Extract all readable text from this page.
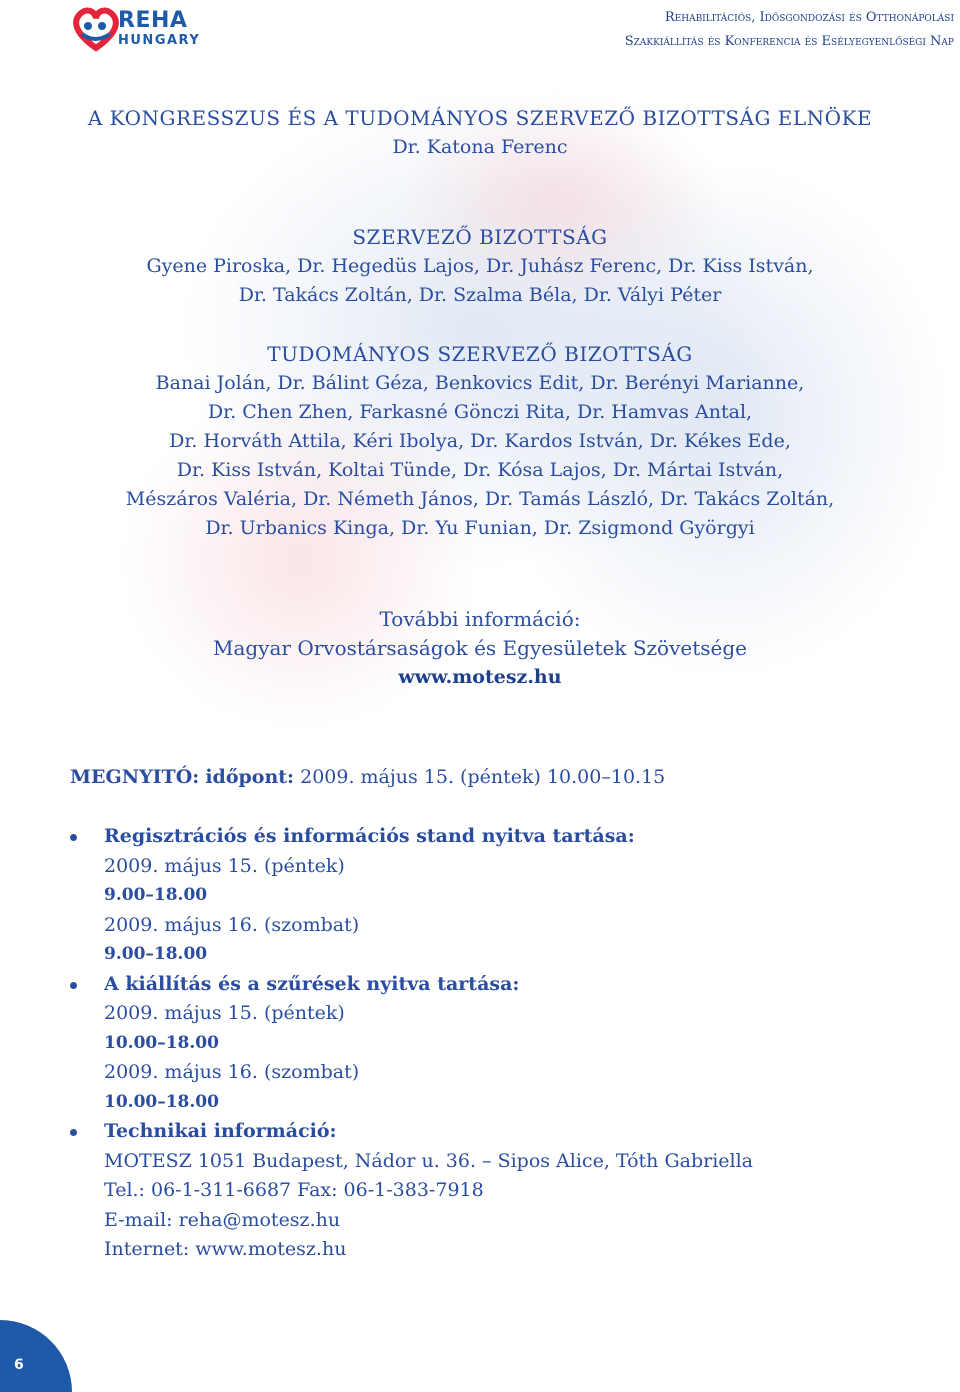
REHA
HUNGARY
Rehabilitációs, Idősgondozási és Otthonápolási
Szakkiállítás és Konferencia és Esélyegyenlőségi Nap
A KONGRESSZUS ÉS A TUDOMÁNYOS SZERVEZŐ BIZOTTSÁG ELNÖKE
Dr. Katona Ferenc
SZERVEZŐ BIZOTTSÁG
Gyene Piroska, Dr. Hegedüs Lajos, Dr. Juhász Ferenc, Dr. Kiss István,
Dr. Takács Zoltán, Dr. Szalma Béla, Dr. Vályi Péter
TUDOMÁNYOS SZERVEZŐ BIZOTTSÁG
Banai Jolán, Dr. Bálint Géza, Benkovics Edit, Dr. Berényi Marianne,
Dr. Chen Zhen, Farkasné Gönczi Rita, Dr. Hamvas Antal,
Dr. Horváth Attila, Kéri Ibolya, Dr. Kardos István, Dr. Kékes Ede,
Dr. Kiss István, Koltai Tünde, Dr. Kósa Lajos, Dr. Mártai István,
Mészáros Valéria, Dr. Németh János, Dr. Tamás László, Dr. Takács Zoltán,
Dr. Urbanics Kinga, Dr. Yu Funian, Dr. Zsigmond Györgyi
További információ:
Magyar Orvostársaságok és Egyesületek Szövetsége
www.motesz.hu
MEGNYITÓ: időpont: 2009. május 15. (péntek) 10.00–10.15
Regisztrációs és információs stand nyitva tartása:
2009. május 15. (péntek)
9.00–18.00
2009. május 16. (szombat)
9.00–18.00
A kiállítás és a szűrések nyitva tartása:
2009. május 15. (péntek)
10.00–18.00
2009. május 16. (szombat)
10.00–18.00
Technikai információ:
MOTESZ 1051 Budapest, Nádor u. 36. – Sipos Alice, Tóth Gabriella
Tel.: 06-1-311-6687 Fax: 06-1-383-7918
E-mail: reha@motesz.hu
Internet: www.motesz.hu
6
